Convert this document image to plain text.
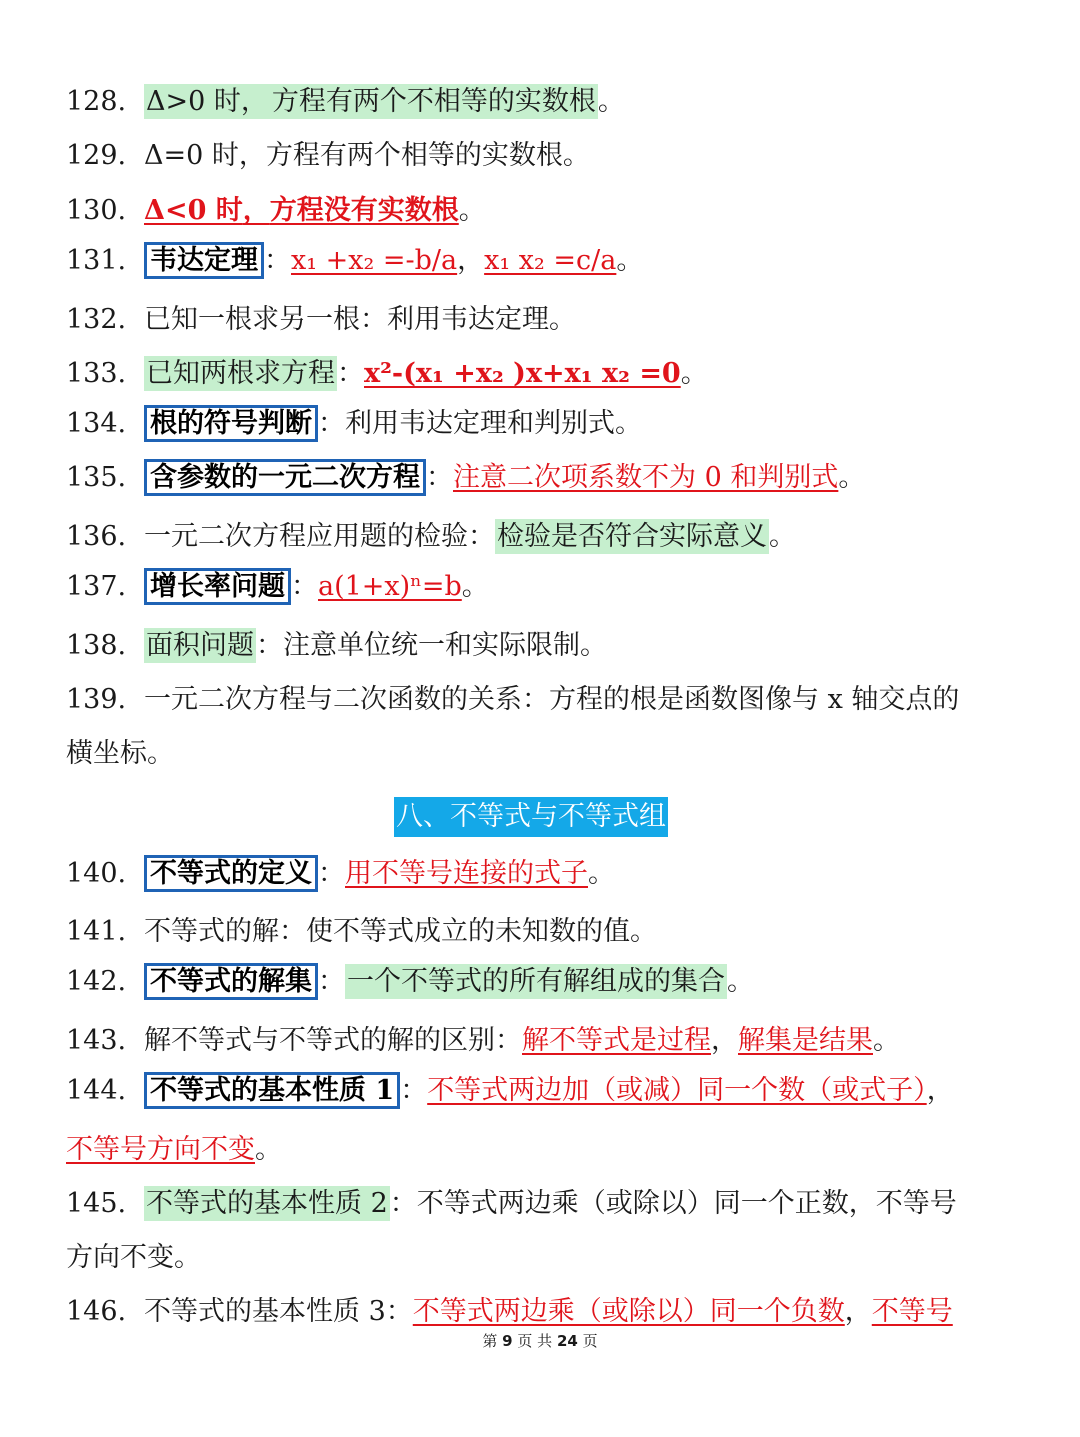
128. Δ>0 时， 方程有两个不相等的实数根。
129. Δ=0 时，方程有两个相等的实数根。
130. Δ<0 时，方程没有实数根。
131. 韦达定理 ：x₁ +x₂ =-b/a，x₁ x₂ =c/a。
132. 已知一根求另一根：利用韦达定理。
133. 已知两根求方程：x²-(x₁ +x₂ )x+x₁ x₂ =0。
134. 根的符号判断 ：利用韦达定理和判别式。
135. 含参数的一元二次方程 ：注意二次项系数不为 0 和判别式。
136. 一元二次方程应用题的检验：检验是否符合实际意义。
137. 增长率问题 ：a(1+x)ⁿ=b。
138. 面积问题：注意单位统一和实际限制。
139. 一元二次方程与二次函数的关系：方程的根是函数图像与 x 轴交点的
横坐标。
八、不等式与不等式组
140. 不等式的定义 ：用不等号连接的式子。
141. 不等式的解：使不等式成立的未知数的值。
142. 不等式的解集 ：一个不等式的所有解组成的集合。
143. 解不等式与不等式的解的区别：解不等式是过程，解集是结果。
144. 不等式的基本性质 1 ：不等式两边加（或减）同一个数（或式子），
不等号方向不变。
145. 不等式的基本性质 2：不等式两边乘（或除以）同一个正数，不等号
方向不变。
146. 不等式的基本性质 3：不等式两边乘（或除以）同一个负数，不等号
第 9 页 共 24 页
